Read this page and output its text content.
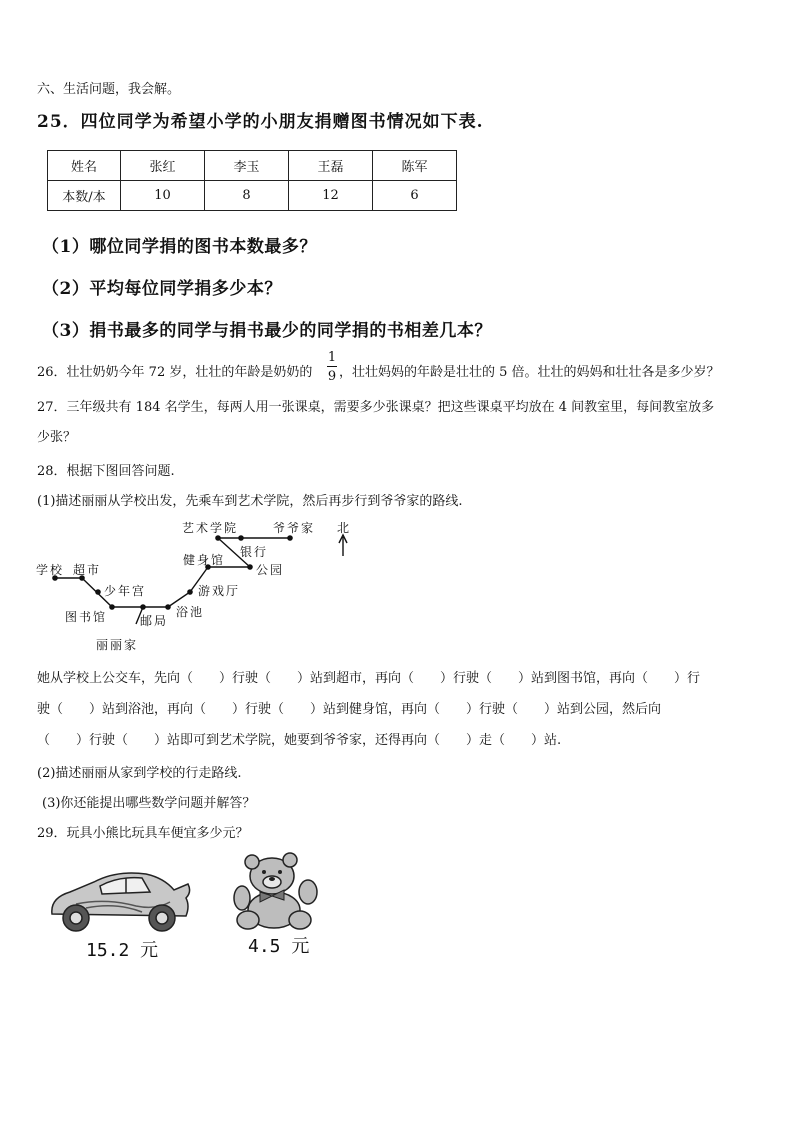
六、生活问题，我会解。
25．四位同学为希望小学的小朋友捐赠图书情况如下表.
姓名	张红	李玉	王磊	陈军
本数/本	10	8	12	6
（1）哪位同学捐的图书本数最多？
（2）平均每位同学捐多少本？
（3）捐书最多的同学与捐书最少的同学捐的书相差几本？
26．壮壮奶奶今年 72 岁，壮壮的年龄是奶奶的
1
9 ，壮壮妈妈的年龄是壮壮的 5 倍。壮壮的妈妈和壮壮各是多少岁？
27．三年级共有 184 名学生，每两人用一张课桌，需要多少张课桌？把这些课桌平均放在 4 间教室里，每间教室放多
少张？
28．根据下图回答问题.
(1)描述丽丽从学校出发，先乘车到艺术学院，然后再步行到爷爷家的路线.
艺术学院	爷爷家 北
银行
健身馆
公园
学校 超市
少年宫	游戏厅
图书馆	邮局
浴池
丽丽家
她从学校上公交车，先向（　　）行驶（　　）站到超市，再向（　　）行驶（　　）站到图书馆，再向（　　）行
驶（　　）站到浴池，再向（　　）行驶（　　）站到健身馆，再向（　　）行驶（　　）站到公园，然后向
（　　）行驶（　　）站即可到艺术学院，她要到爷爷家，还得再向（　　）走（　　）站.
(2)描述丽丽从家到学校的行走路线.
(3)你还能提出哪些数学问题并解答？
29．玩具小熊比玩具车便宜多少元？
15.2 元	4.5 元
